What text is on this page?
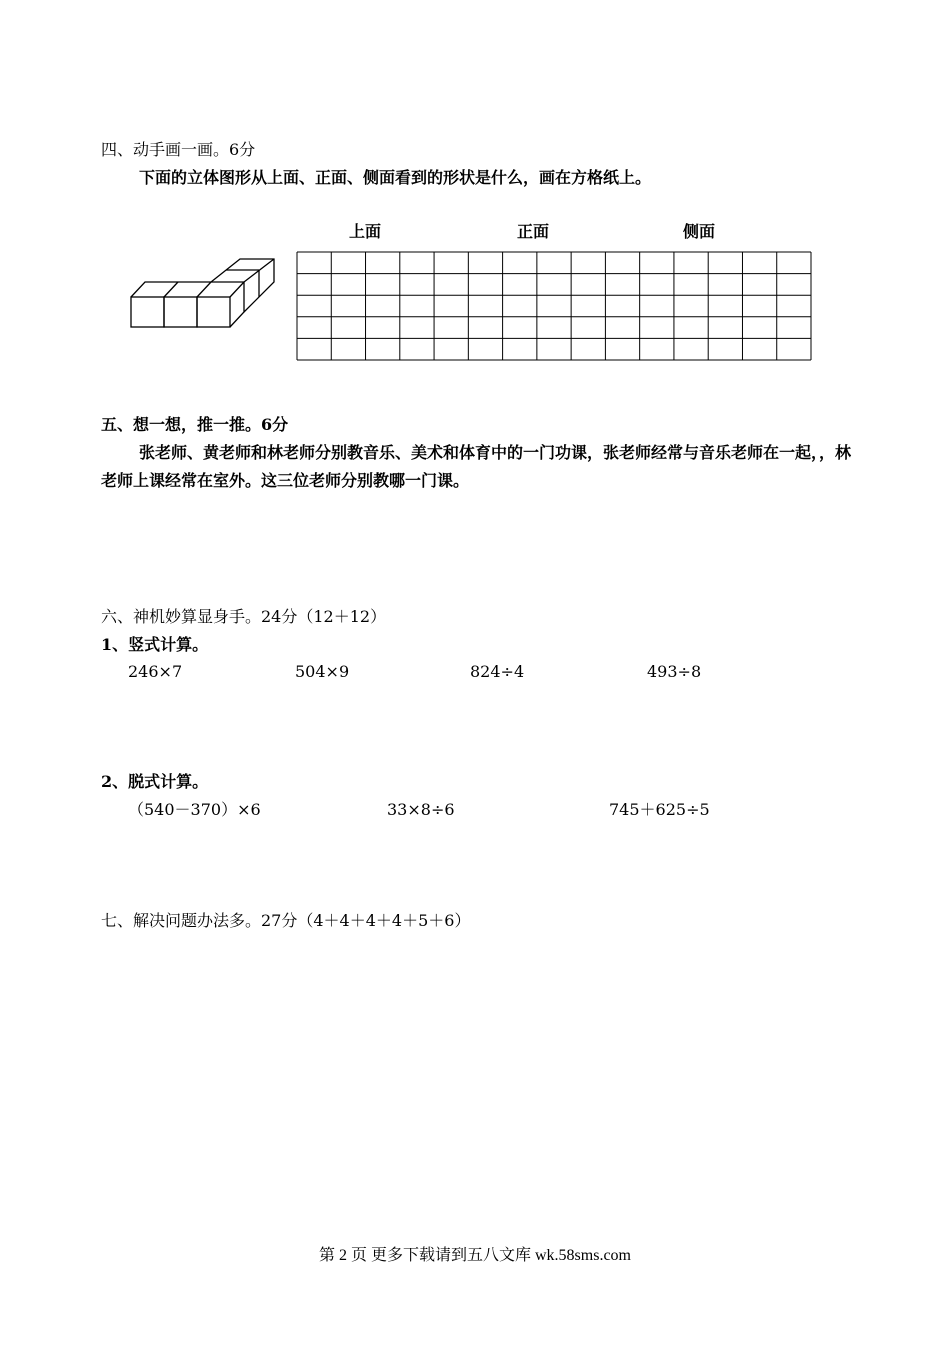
四、动手画一画。6分
下面的立体图形从上面、正面、侧面看到的形状是什么，画在方格纸上。
上面	正面	侧面
五、想一想，推一推。6分
张老师、黄老师和林老师分别教音乐、美术和体育中的一门功课，张老师经常与音乐老师在一起，，林老师上课经常在室外。这三位老师分别教哪一门课。
六、神机妙算显身手。24分（12＋12）
1、竖式计算。
246×7	504×9	824÷4	493÷8
2、脱式计算。
（540－370）×6	33×8÷6	745＋625÷5
七、解决问题办法多。27分（4＋4＋4＋4＋5＋6）
第 2 页 更多下载请到五八文库 wk.58sms.com
